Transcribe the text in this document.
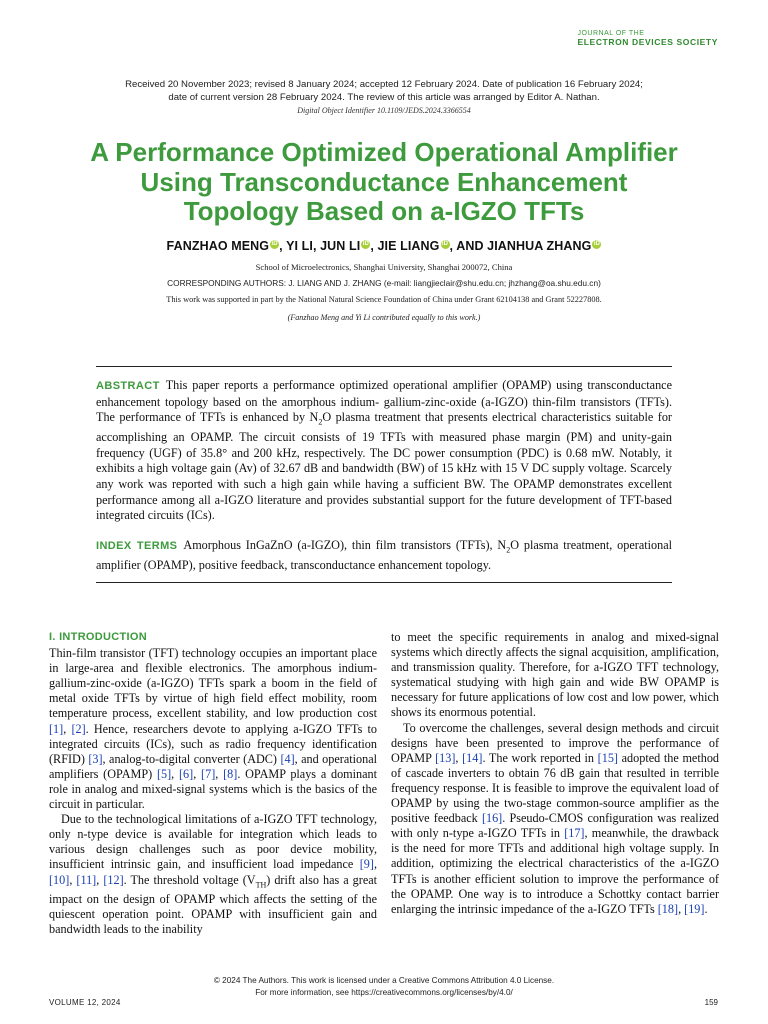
JOURNAL OF THE
ELECTRON DEVICES SOCIETY
Received 20 November 2023; revised 8 January 2024; accepted 12 February 2024. Date of publication 16 February 2024;
date of current version 28 February 2024. The review of this article was arranged by Editor A. Nathan.
Digital Object Identifier 10.1109/JEDS.2024.3366554
A Performance Optimized Operational Amplifier
Using Transconductance Enhancement
Topology Based on a-IGZO TFTs
FANZHAO MENG iD, YI LI, JUN LI iD, JIE LIANG iD, AND JIANHUA ZHANG iD
School of Microelectronics, Shanghai University, Shanghai 200072, China
CORRESPONDING AUTHORS: J. LIANG AND J. ZHANG (e-mail: liangjieclair@shu.edu.cn; jhzhang@oa.shu.edu.cn)
This work was supported in part by the National Natural Science Foundation of China under Grant 62104138 and Grant 52227808.
(Fanzhao Meng and Yi Li contributed equally to this work.)
ABSTRACT This paper reports a performance optimized operational amplifier (OPAMP) using transconductance enhancement topology based on the amorphous indium- gallium-zinc-oxide (a-IGZO) thin-film transistors (TFTs). The performance of TFTs is enhanced by $N_2O$ plasma treatment that presents electrical characteristics suitable for accomplishing an OPAMP. The circuit consists of 19 TFTs with measured phase margin (PM) and unity-gain frequency (UGF) of 35.8° and 200 kHz, respectively. The DC power consumption (PDC) is 0.68 mW. Notably, it exhibits a high voltage gain (Av) of 32.67 dB and bandwidth (BW) of 15 kHz with 15 V DC supply voltage. Scarcely any work was reported with such a high gain while having a sufficient BW. The OPAMP demonstrates excellent performance among all a-IGZO literature and provides substantial support for the future development of TFT-based integrated circuits (ICs).
INDEX TERMS Amorphous InGaZnO (a-IGZO), thin film transistors (TFTs), $N_2O$ plasma treatment, operational amplifier (OPAMP), positive feedback, transconductance enhancement topology.
I. INTRODUCTION

Thin-film transistor (TFT) technology occupies an important place in large-area and flexible electronics. The amorphous indium-gallium-zinc-oxide (a-IGZO) TFTs spark a boom in the field of metal oxide TFTs by virtue of high field effect mobility, room temperature process, excellent stability, and low production cost [1], [2]. Hence, researchers devote to applying a-IGZO TFTs to integrated circuits (ICs), such as radio frequency identification (RFID) [3], analog-to-digital converter (ADC) [4], and operational amplifiers (OPAMP) [5], [6], [7], [8]. OPAMP plays a dominant role in analog and mixed-signal systems which is the basics of the circuit in particular.

Due to the technological limitations of a-IGZO TFT technology, only n-type device is available for integration which leads to various design challenges such as poor device mobility, insufficient intrinsic gain, and insufficient load impedance [9], [10], [11], [12]. The threshold voltage $(V_{TH})$ drift also has a great impact on the design of OPAMP which affects the setting of the quiescent operation point. OPAMP with insufficient gain and bandwidth leads to the inability

to meet the specific requirements in analog and mixed-signal systems which directly affects the signal acquisition, amplification, and transmission quality. Therefore, for a-IGZO TFT technology, systematical studying with high gain and wide BW OPAMP is necessary for future applications of low cost and low power, which shows its enormous potential.

To overcome the challenges, several design methods and circuit designs have been presented to improve the performance of OPAMP [13], [14]. The work reported in [15] adopted the method of cascade inverters to obtain 76 dB gain that resulted in terrible frequency response. It is feasible to improve the equivalent load of OPAMP by using the two-stage common-source amplifier as the positive feedback [16]. Pseudo-CMOS configuration was realized with only n-type a-IGZO TFTs in [17], meanwhile, the drawback is the need for more TFTs and additional high voltage supply. In addition, optimizing the electrical characteristics of the a-IGZO TFTs is another efficient solution to improve the performance of the OPAMP. One way is to introduce a Schottky contact barrier enlarging the intrinsic impedance of the a-IGZO TFTs [18], [19].

© 2024 The Authors. This work is licensed under a Creative Commons Attribution 4.0 License.
For more information, see https://creativecommons.org/licenses/by/4.0/
VOLUME 12, 2024	159
